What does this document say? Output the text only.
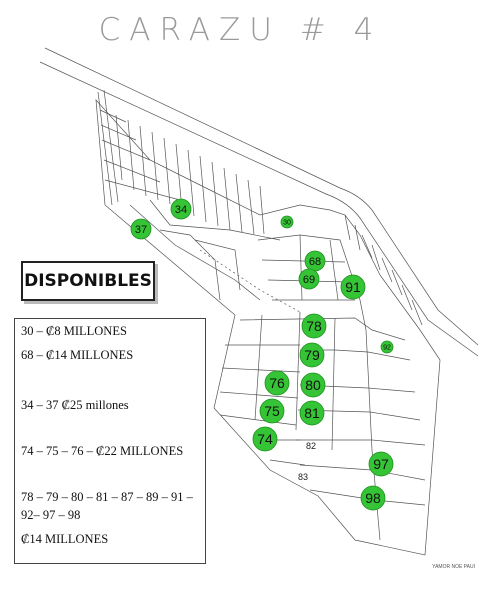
34
37
30
68
69 91
78
79	92
76 80
75 81
74
97
98
82
83
CARAZU # 4
DISPONIBLES
30 – ₡8 MILLONES
68 – ₡14 MILLONES
34 – 37 ₡25 millones
74 – 75 – 76 – ₡22 MILLONES
78 – 79 – 80 – 81 – 87 – 89 – 91 –
92– 97 – 98
₡14 MILLONES
YAMOR NOE PAUI
